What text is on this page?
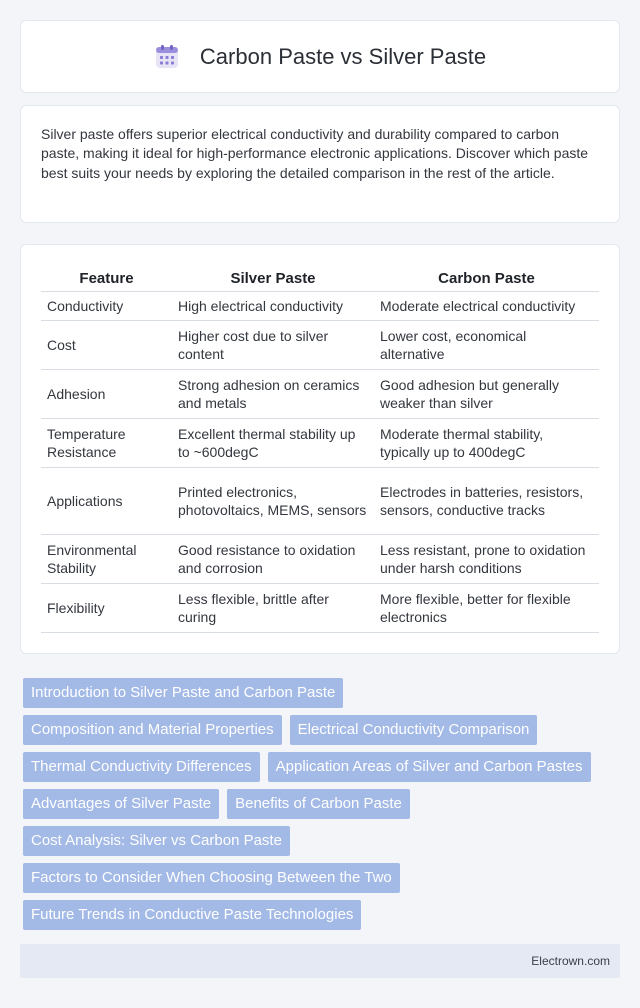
Carbon Paste vs Silver Paste

Silver paste offers superior electrical conductivity and durability compared to carbon paste, making it ideal for high-performance electronic applications. Discover which paste best suits your needs by exploring the detailed comparison in the rest of the article.

Feature	Silver Paste	Carbon Paste
Conductivity	High electrical conductivity	Moderate electrical conductivity
Cost	Higher cost due to silver content	Lower cost, economical alternative
Adhesion	Strong adhesion on ceramics and metals	Good adhesion but generally weaker than silver
Temperature Resistance	Excellent thermal stability up to ~600degC	Moderate thermal stability, typically up to 400degC
Applications	Printed electronics, photovoltaics, MEMS, sensors	Electrodes in batteries, resistors, sensors, conductive tracks
Environmental Stability	Good resistance to oxidation and corrosion	Less resistant, prone to oxidation under harsh conditions
Flexibility	Less flexible, brittle after curing	More flexible, better for flexible electronics
Introduction to Silver Paste and Carbon Paste
Composition and Material Properties	Electrical Conductivity Comparison
Thermal Conductivity Differences	Application Areas of Silver and Carbon Pastes
Advantages of Silver Paste	Benefits of Carbon Paste
Cost Analysis: Silver vs Carbon Paste
Factors to Consider When Choosing Between the Two
Future Trends in Conductive Paste Technologies
Electrown.com
